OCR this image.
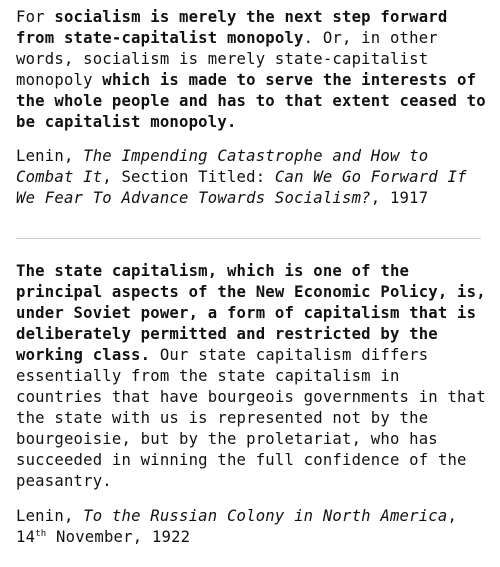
For socialism is merely the next step forward from state-capitalist monopoly. Or, in other words, socialism is merely state-capitalist monopoly which is made to serve the interests of the whole people and has to that extent ceased to be capitalist monopoly.

Lenin, The Impending Catastrophe and How to Combat It, Section Titled: Can We Go Forward If We Fear To Advance Towards Socialism?, 1917

The state capitalism, which is one of the principal aspects of the New Economic Policy, is, under Soviet power, a form of capitalism that is deliberately permitted and restricted by the working class. Our state capitalism differs essentially from the state capitalism in countries that have bourgeois governments in that the state with us is represented not by the bourgeoisie, but by the proletariat, who has succeeded in winning the full confidence of the peasantry.

Lenin, To the Russian Colony in North America,
14th November, 1922
